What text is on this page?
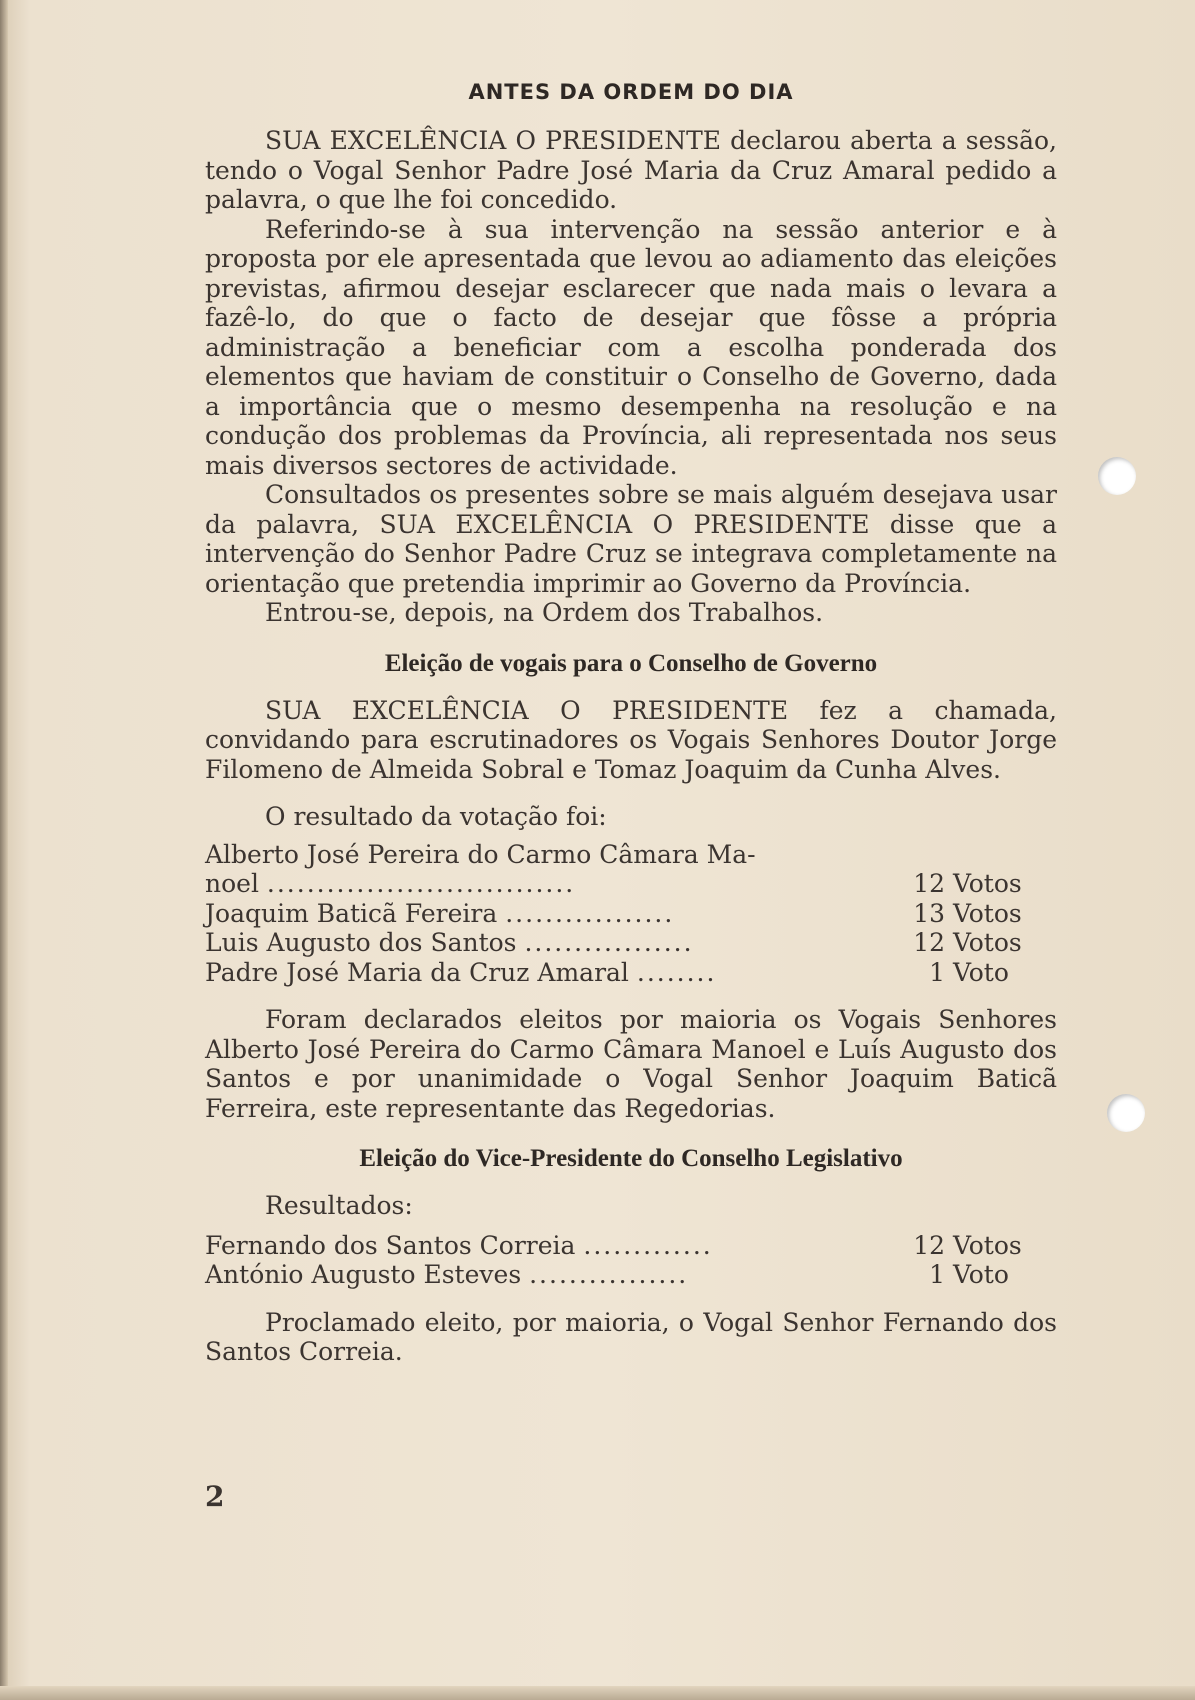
ANTES DA ORDEM DO DIA

SUA EXCELÊNCIA O PRESIDENTE declarou aberta a sessão, tendo o Vogal Senhor Padre José Maria da Cruz Amaral pedido a palavra, o que lhe foi concedido.

Referindo-se à sua intervenção na sessão anterior e à proposta por ele apresentada que levou ao adiamento das eleições previstas, afirmou desejar esclarecer que nada mais o levara a fazê-lo, do que o facto de desejar que fôsse a própria administração a beneficiar com a escolha ponderada dos elementos que haviam de constituir o Conselho de Governo, dada a importância que o mesmo desempenha na resolução e na condução dos problemas da Província, ali representada nos seus mais diversos sectores de actividade.

Consultados os presentes sobre se mais alguém desejava usar da palavra, SUA EXCELÊNCIA O PRESIDENTE disse que a intervenção do Senhor Padre Cruz se integrava completamente na orientação que pretendia imprimir ao Governo da Província.

Entrou-se, depois, na Ordem dos Trabalhos.

Eleição de vogais para o Conselho de Governo

SUA EXCELÊNCIA O PRESIDENTE fez a chamada, convidando para escrutinadores os Vogais Senhores Doutor Jorge Filomeno de Almeida Sobral e Tomaz Joaquim da Cunha Alves.

O resultado da votação foi:

Alberto José Pereira do Carmo Câmara Ma-	
noel ...............................	12 Votos
Joaquim Baticã Fereira .................	13 Votos
Luis Augusto dos Santos .................	12 Votos
Padre José Maria da Cruz Amaral ........	1 Voto

Foram declarados eleitos por maioria os Vogais Senhores Alberto José Pereira do Carmo Câmara Manoel e Luís Augusto dos Santos e por unanimidade o Vogal Senhor Joaquim Baticã Ferreira, este representante das Regedorias.

Eleição do Vice-Presidente do Conselho Legislativo

Resultados:

Fernando dos Santos Correia .............	12 Votos
António Augusto Esteves ................	1 Voto

Proclamado eleito, por maioria, o Vogal Senhor Fernando dos Santos Correia.

2
